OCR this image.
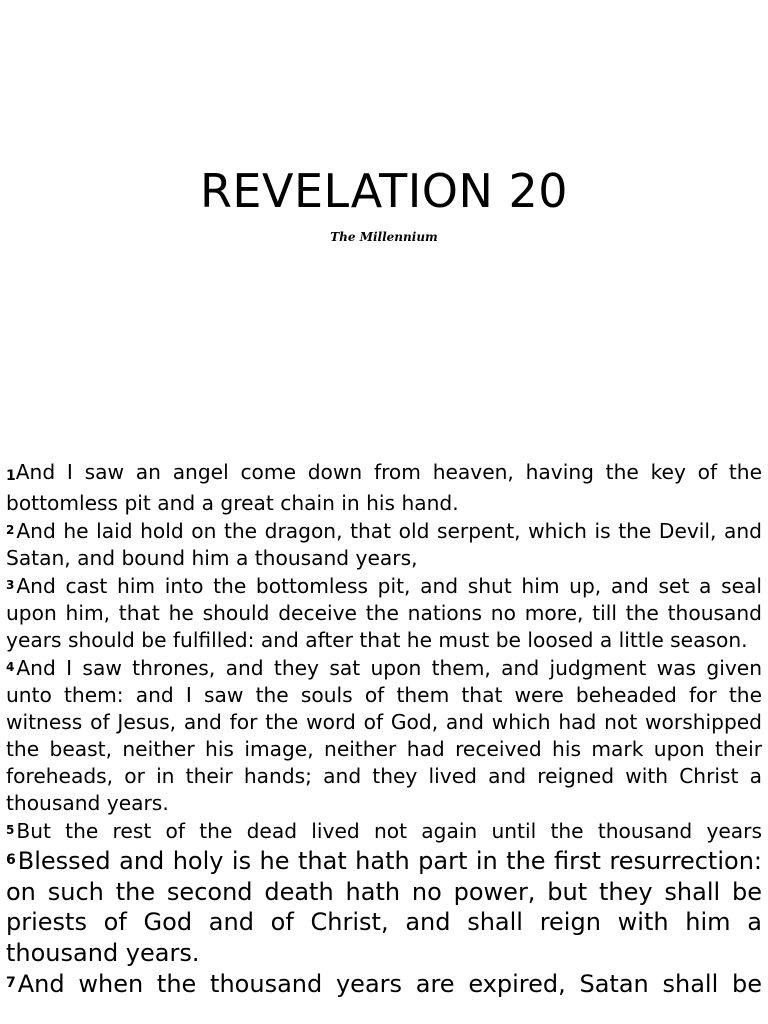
REVELATION 20

The Millennium

1And I saw an angel come down from heaven, having the key of the bottomless pit and a great chain in his hand.

2And he laid hold on the dragon, that old serpent, which is the Devil, and Satan, and bound him a thousand years,

3And cast him into the bottomless pit, and shut him up, and set a seal upon him, that he should deceive the nations no more, till the thousand years should be fulfilled: and after that he must be loosed a little season.

4And I saw thrones, and they sat upon them, and judgment was given unto them: and I saw the souls of them that were beheaded for the witness of Jesus, and for the word of God, and which had not worshipped the beast, neither his image, neither had received his mark upon their foreheads, or in their hands; and they lived and reigned with Christ a thousand years.

5But the rest of the dead lived not again until the thousand years

$^6$Blessed and holy is he that hath part in the first resurrection: on such the second death hath no power, but they shall be priests of God and of Christ, and shall reign with him a thousand years.

$^7$And when the thousand years are expired, Satan shall be
